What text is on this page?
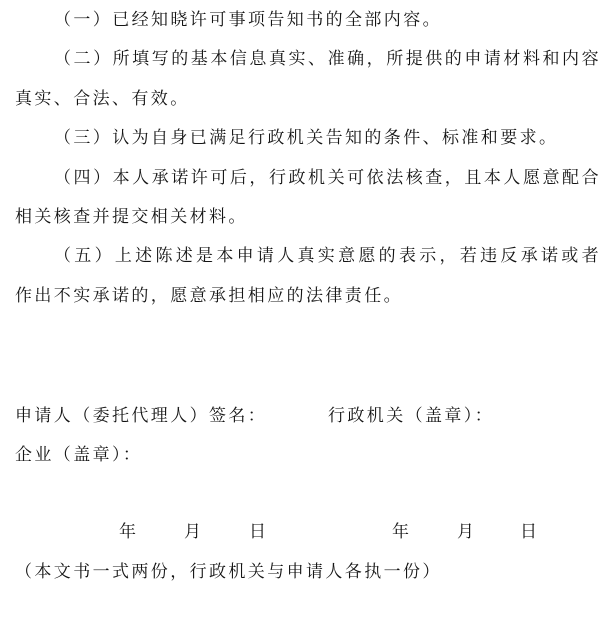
（一）已经知晓许可事项告知书的全部内容。
（二）所填写的基本信息真实、准确，所提供的申请材料和内容
真实、合法、有效。
（三）认为自身已满足行政机关告知的条件、标准和要求。
（四）本人承诺许可后，行政机关可依法核查，且本人愿意配合
相关核查并提交相关材料。
（五）上述陈述是本申请人真实意愿的表示，若违反承诺或者
作出不实承诺的，愿意承担相应的法律责任。
申请人（委托代理人）签名：	行政机关（盖章）：
企业（盖章）：
年	月	日	年	月	日
（本文书一式两份，行政机关与申请人各执一份）
